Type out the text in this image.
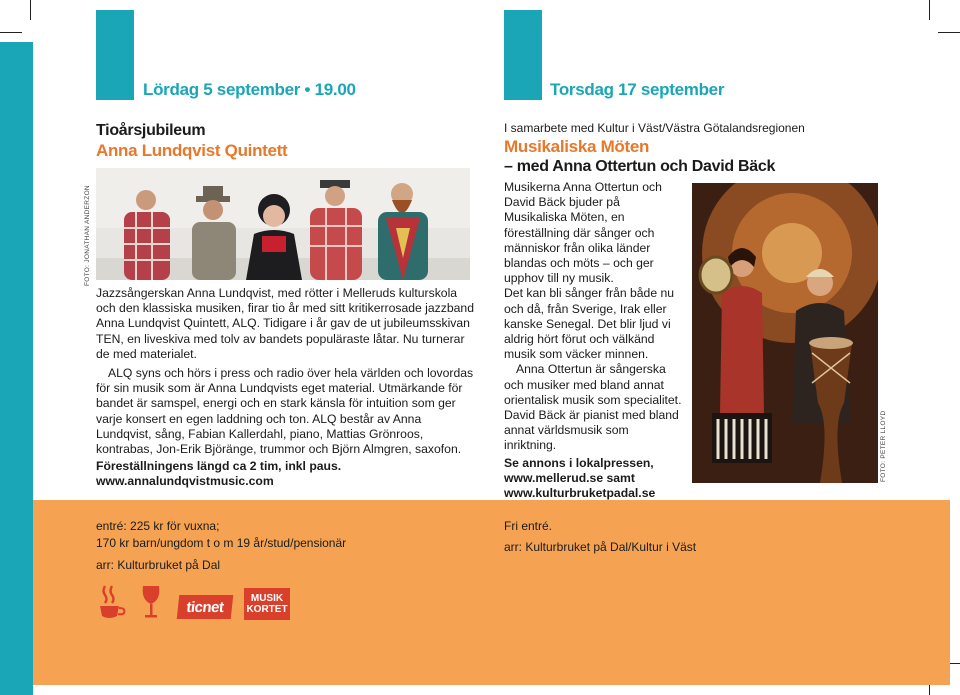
Lördag 5 september • 19.00
Tioårsjubileum
Anna Lundqvist Quintett
FOTO: JONATHAN ANDERZON

Jazzsångerskan Anna Lundqvist, med rötter i Melleruds kulturskola och den klassiska musiken, firar tio år med sitt kritikerrosade jazzband Anna Lundqvist Quintett, ALQ. Tidigare i år gav de ut jubileumsskivan TEN, en liveskiva med tolv av bandets populäraste låtar. Nu turnerar de med materialet.

ALQ syns och hörs i press och radio över hela världen och lovordas för sin musik som är Anna Lundqvists eget material. Utmärkande för bandet är samspel, energi och en stark känsla för intuition som ger varje konsert en egen laddning och ton. ALQ består av Anna Lundqvist, sång, Fabian Kallerdahl, piano, Mattias Grönroos, kontrabas, Jon-Erik Björänge, trummor och Björn Almgren, saxofon.

Föreställningens längd ca 2 tim, inkl paus.

www.annalundqvistmusic.com

Torsdag 17 september
I samarbete med Kultur i Väst/Västra Götalandsregionen
Musikaliska Möten
– med Anna Ottertun och David Bäck

Musikerna Anna Ottertun och David Bäck bjuder på Musikaliska Möten, en föreställning där sånger och människor från olika länder blandas och möts – och ger upphov till ny musik.

Det kan bli sånger från både nu och då, från Sverige, Irak eller kanske Senegal. Det blir ljud vi aldrig hört förut och välkänd musik som väcker minnen.

Anna Ottertun är sångerska och musiker med bland annat orientalisk musik som specialitet. David Bäck är pianist med bland annat världsmusik som inriktning.

Se annons i lokalpressen,

www.mellerud.se samt

www.kulturbruketpadal.se

FOTO: PETER LLOYD

entré: 225 kr för vuxna;

170 kr barn/ungdom t o m 19 år/stud/pensionär

arr: Kulturbruket på Dal

Fri entré.

arr: Kulturbruket på Dal/Kultur i Väst

ticnet	MUSIK
KORTET
